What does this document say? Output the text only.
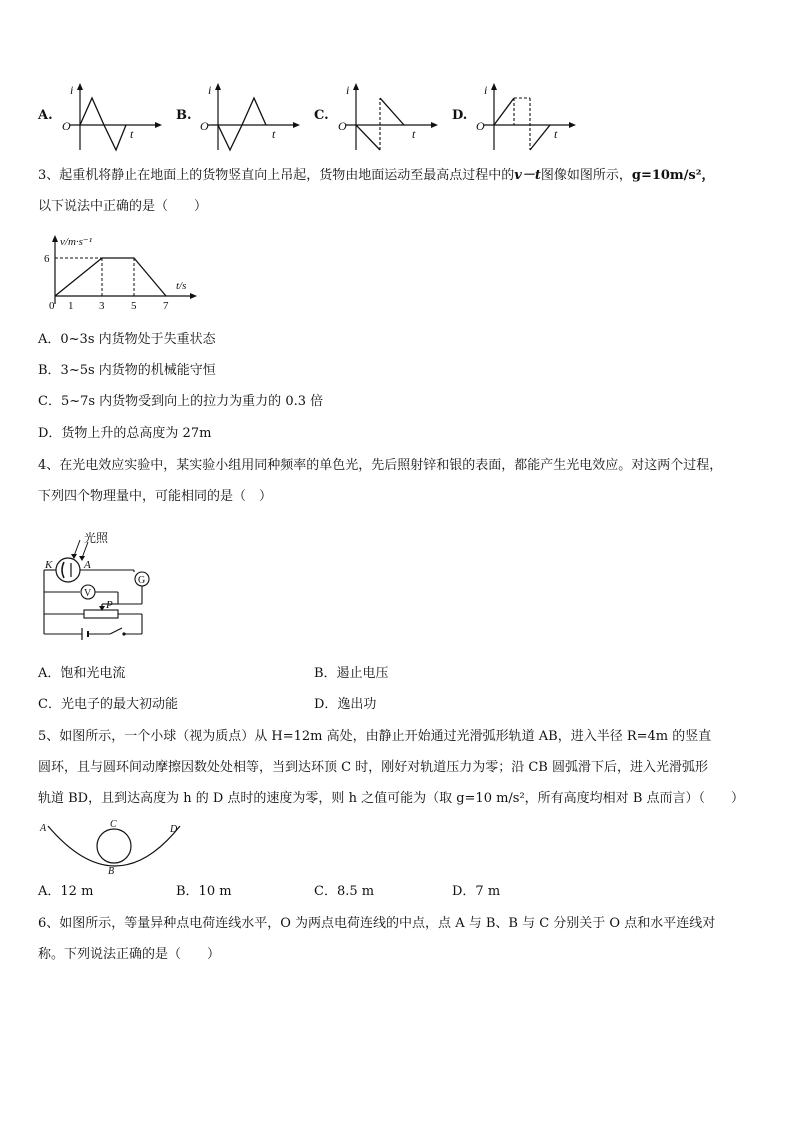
A.
i
O
t
B.
i
O
t
C.
i
O
t
D.
i
O
t
3、起重机将静止在地面上的货物竖直向上吊起，货物由地面运动至最高点过程中的v－t图像如图所示，g=10m/s²，
以下说法中正确的是（　　）
v/m·s⁻¹
t/s
6
0 1 3 5 7
A．0~3s 内货物处于失重状态
B．3~5s 内货物的机械能守恒
C．5~7s 内货物受到向上的拉力为重力的 0.3 倍
D．货物上升的总高度为 27m
4、在光电效应实验中，某实验小组用同种频率的单色光，先后照射锌和银的表面，都能产生光电效应。对这两个过程，
下列四个物理量中，可能相同的是（　）
光照
K	A
G
V
P
A．饱和光电流	B．遏止电压
C．光电子的最大初动能	D．逸出功
5、如图所示，一个小球（视为质点）从 H=12m 高处，由静止开始通过光滑弧形轨道 AB，进入半径 R=4m 的竖直
圆环，且与圆环间动摩擦因数处处相等，当到达环顶 C 时，刚好对轨道压力为零；沿 CB 圆弧滑下后，进入光滑弧形
轨道 BD，且到达高度为 h 的 D 点时的速度为零，则 h 之值可能为（取 g=10 m/s²，所有高度均相对 B 点而言）（　　）
A	C	D
B
A．12 m	B．10 m	C．8.5 m	D．7 m
6、如图所示，等量异种点电荷连线水平，O 为两点电荷连线的中点，点 A 与 B、B 与 C 分别关于 O 点和水平连线对
称。下列说法正确的是（　　）
